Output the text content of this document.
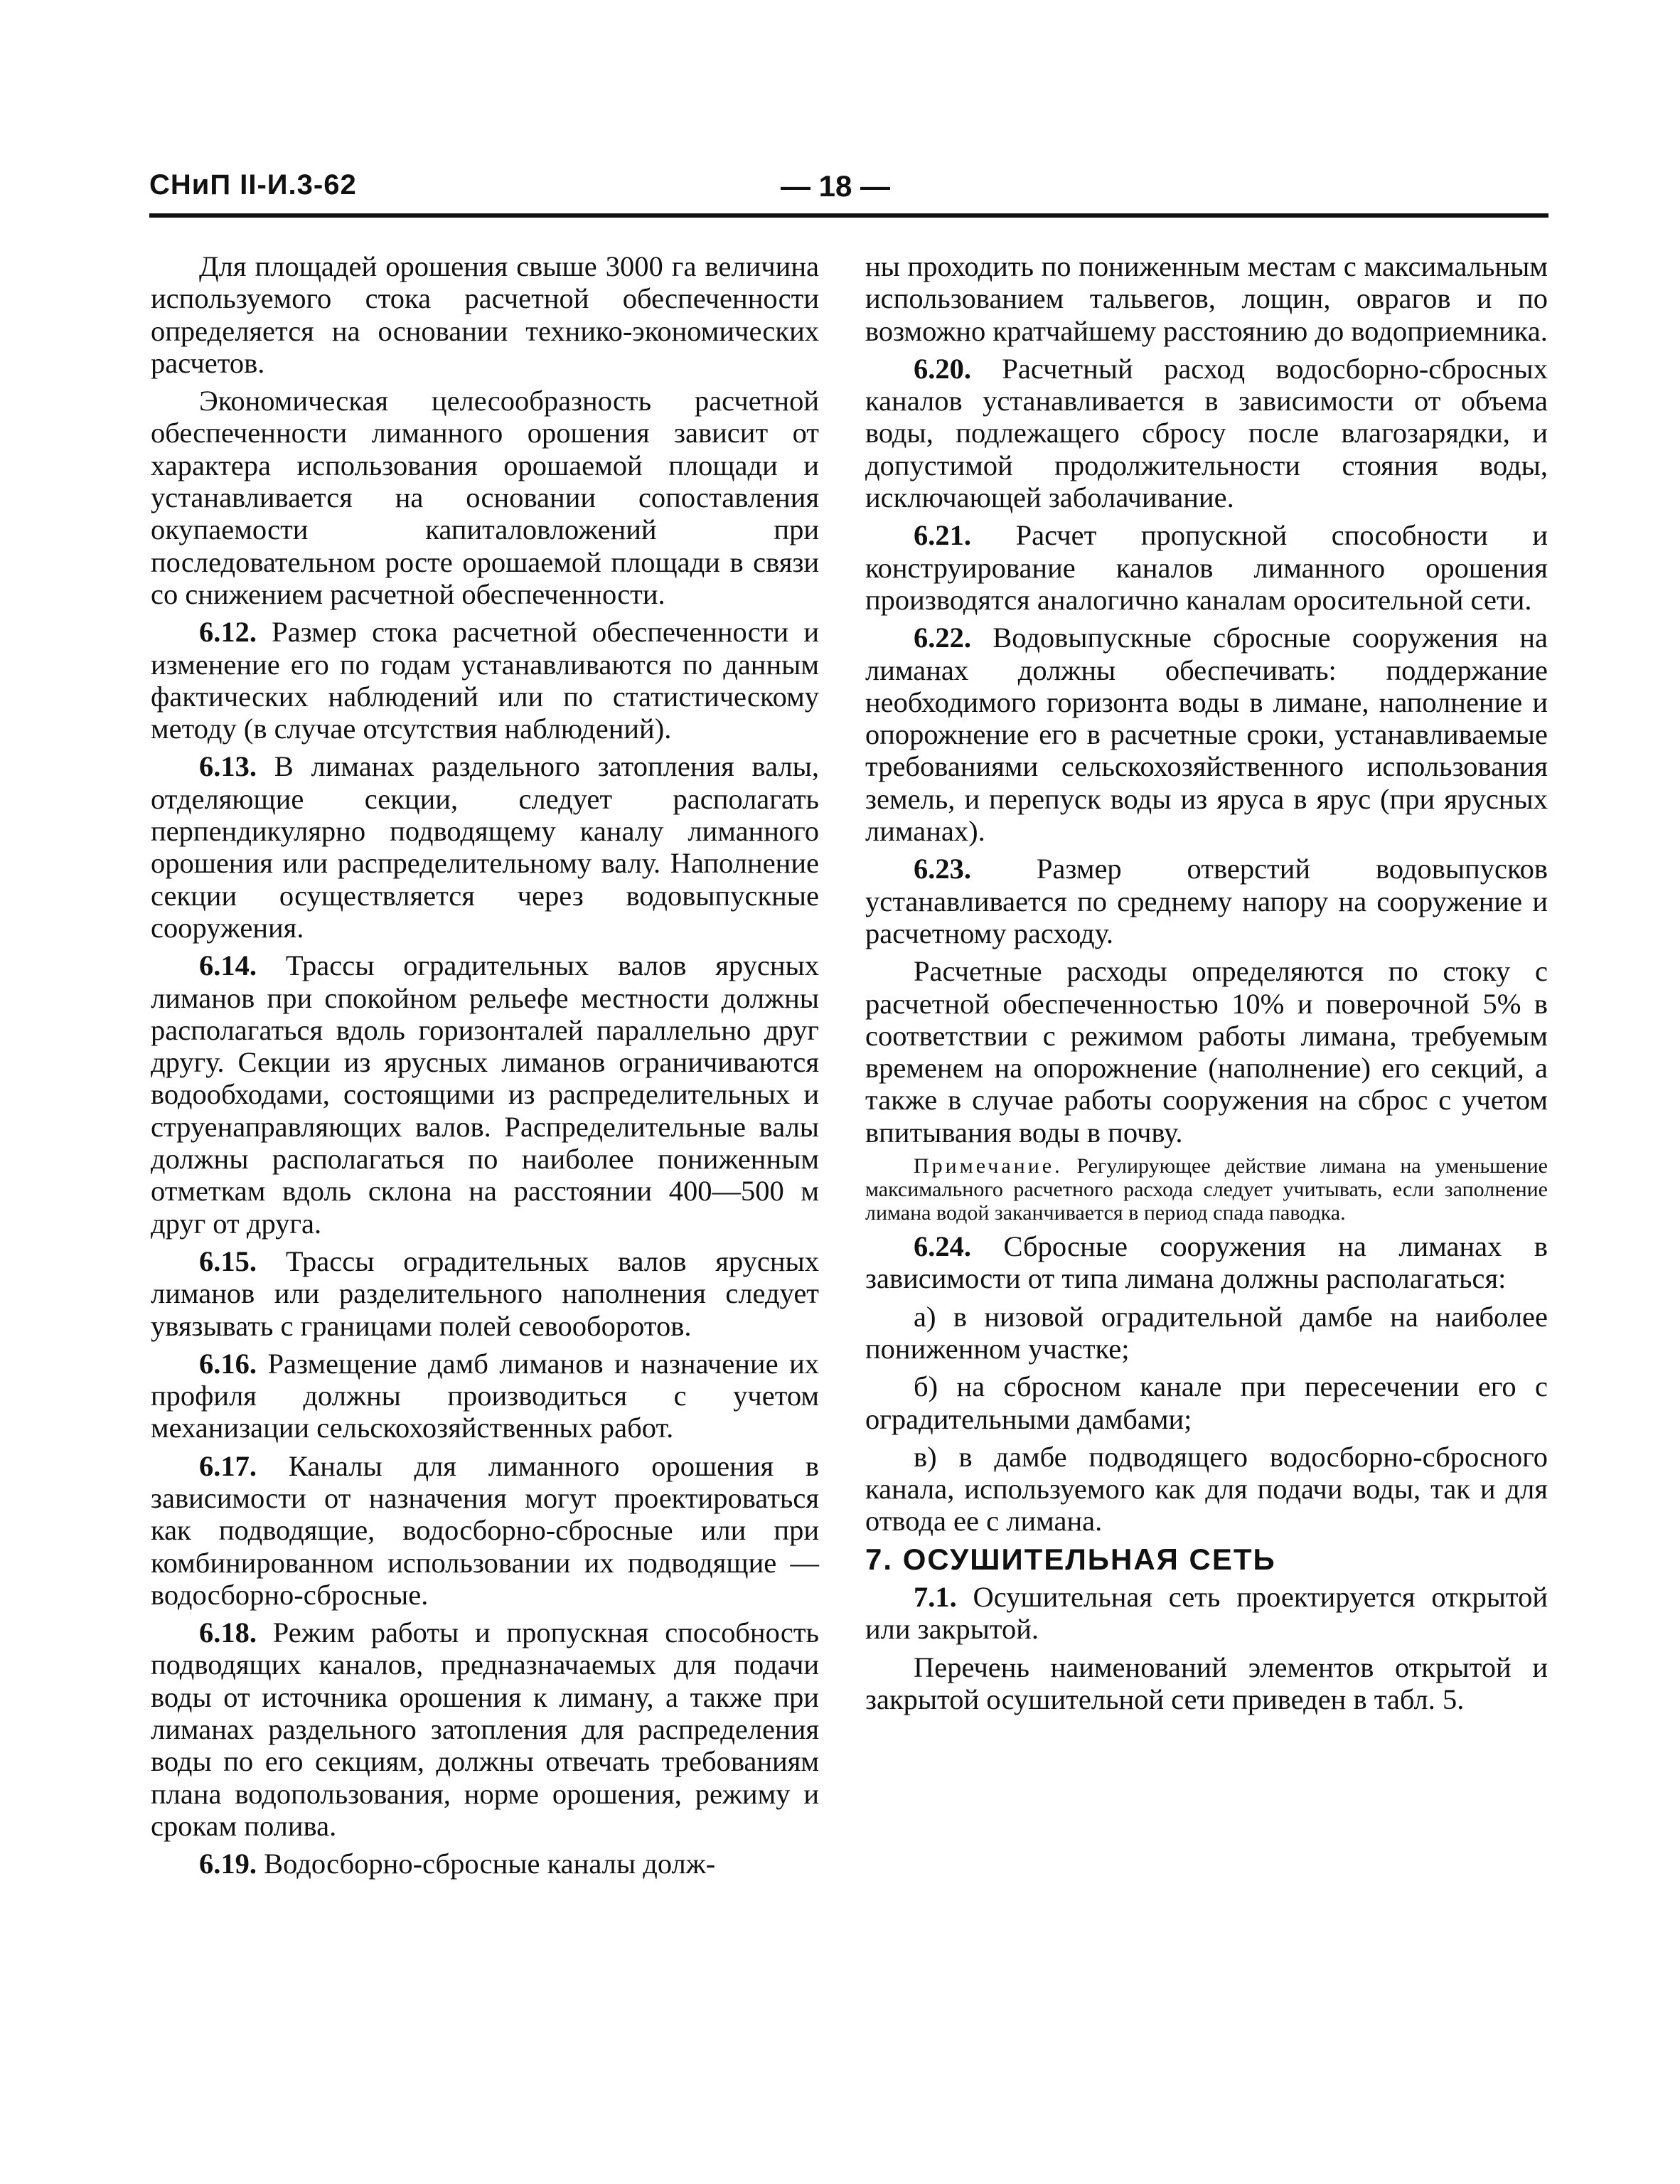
СНиП II-И.3-62	— 18 —

Для площадей орошения свыше 3000 га величина используемого стока расчетной обеспеченности определяется на основании технико-экономических расчетов.

Экономическая целесообразность расчетной обеспеченности лиманного орошения зависит от характера использования орошаемой площади и устанавливается на основании сопоставления окупаемости капиталовложений при последовательном росте орошаемой площади в связи со снижением расчетной обеспеченности.

6.12. Размер стока расчетной обеспеченности и изменение его по годам устанавливаются по данным фактических наблюдений или по статистическому методу (в случае отсутствия наблюдений).

6.13. В лиманах раздельного затопления валы, отделяющие секции, следует располагать перпендикулярно подводящему каналу лиманного орошения или распределительному валу. Наполнение секции осуществляется через водовыпускные сооружения.

6.14. Трассы оградительных валов ярусных лиманов при спокойном рельефе местности должны располагаться вдоль горизонталей параллельно друг другу. Секции из ярусных лиманов ограничиваются водообходами, состоящими из распределительных и струенаправляющих валов. Распределительные валы должны располагаться по наиболее пониженным отметкам вдоль склона на расстоянии 400—500 м друг от друга.

6.15. Трассы оградительных валов ярусных лиманов или разделительного наполнения следует увязывать с границами полей севооборотов.

6.16. Размещение дамб лиманов и назначение их профиля должны производиться с учетом механизации сельскохозяйственных работ.

6.17. Каналы для лиманного орошения в зависимости от назначения могут проектироваться как подводящие, водосборно-сбросные или при комбинированном использовании их подводящие — водосборно-сбросные.

6.18. Режим работы и пропускная способность подводящих каналов, предназначаемых для подачи воды от источника орошения к лиману, а также при лиманах раздельного затопления для распределения воды по его секциям, должны отвечать требованиям плана водопользования, норме орошения, режиму и срокам полива.

6.19. Водосборно-сбросные каналы долж-

ны проходить по пониженным местам с максимальным использованием тальвегов, лощин, оврагов и по возможно кратчайшему расстоянию до водоприемника.

6.20. Расчетный расход водосборно-сбросных каналов устанавливается в зависимости от объема воды, подлежащего сбросу после влагозарядки, и допустимой продолжительности стояния воды, исключающей заболачивание.

6.21. Расчет пропускной способности и конструирование каналов лиманного орошения производятся аналогично каналам оросительной сети.

6.22. Водовыпускные сбросные сооружения на лиманах должны обеспечивать: поддержание необходимого горизонта воды в лимане, наполнение и опорожнение его в расчетные сроки, устанавливаемые требованиями сельскохозяйственного использования земель, и перепуск воды из яруса в ярус (при ярусных лиманах).

6.23. Размер отверстий водовыпусков устанавливается по среднему напору на сооружение и расчетному расходу.

Расчетные расходы определяются по стоку с расчетной обеспеченностью 10% и поверочной 5% в соответствии с режимом работы лимана, требуемым временем на опорожнение (наполнение) его секций, а также в случае работы сооружения на сброс с учетом впитывания воды в почву.

Примечание. Регулирующее действие лимана на уменьшение максимального расчетного расхода следует учитывать, если заполнение лимана водой заканчивается в период спада паводка.

6.24. Сбросные сооружения на лиманах в зависимости от типа лимана должны располагаться:

а) в низовой оградительной дамбе на наиболее пониженном участке;

б) на сбросном канале при пересечении его с оградительными дамбами;

в) в дамбе подводящего водосборно-сбросного канала, используемого как для подачи воды, так и для отвода ее с лимана.

7. ОСУШИТЕЛЬНАЯ СЕТЬ

7.1. Осушительная сеть проектируется открытой или закрытой.

Перечень наименований элементов открытой и закрытой осушительной сети приведен в табл. 5.
